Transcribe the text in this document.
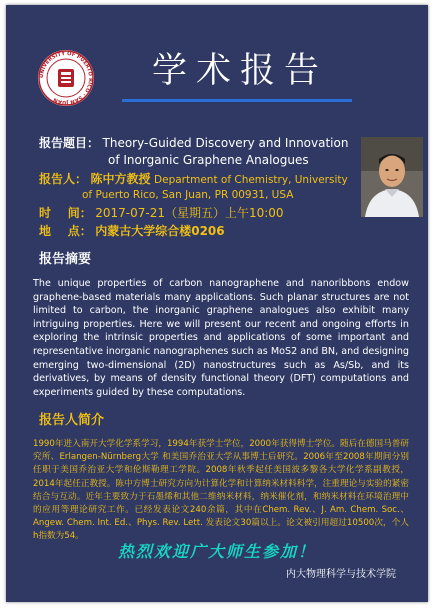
UNIVERSITY OF PUERTO RICO · SAN JUAN
学术报告
报告题目： Theory-Guided Discovery and Innovation
of Inorganic Graphene Analogues
报告人： 陈中方教授 Department of Chemistry, University
of Puerto Rico, San Juan, PR 00931, USA
时    间： 2017-07-21（星期五）上午10:00
地    点： 内蒙古大学综合楼0206
报告摘要
The unique properties of carbon nanographene and nanoribbons endow graphene-based materials many applications. Such planar structures are not limited to carbon, the inorganic graphene analogues also exhibit many intriguing properties. Here we will present our recent and ongoing efforts in exploring the intrinsic properties and applications of some important and representative inorganic nanographenes such as MoS2 and BN, and designing emerging two-dimensional (2D) nanostructures such as As/Sb, and its derivatives, by means of density functional theory (DFT) computations and experiments guided by these computations.
报告人简介
1990年进入南开大学化学系学习，1994年获学士学位，2000年获得博士学位。随后在德国马普研究所、Erlangen-Nürnberg大学 和美国乔治亚大学从事博士后研究。2006年至2008年期间分别任职于美国乔治亚大学和伦斯勒理工学院。2008年秋季起任美国波多黎各大学化学系副教授，2014年起任正教授。陈中方博士研究方向为计算化学和计算纳米材料科学，注重理论与实验的紧密结合与互动。近年主要致力于石墨烯和其他二维纳米材料，纳米催化剂，和纳米材料在环境治理中的应用等理论研究工作。已经发表论文240余篇，其中在Chem. Rev.、J. Am. Chem. Soc.、Angew. Chem. Int. Ed.、Phys. Rev. Lett. 发表论文30篇以上。论文被引用超过10500次，个人h指数为54。
热烈欢迎广大师生参加！
内大物理科学与技术学院
